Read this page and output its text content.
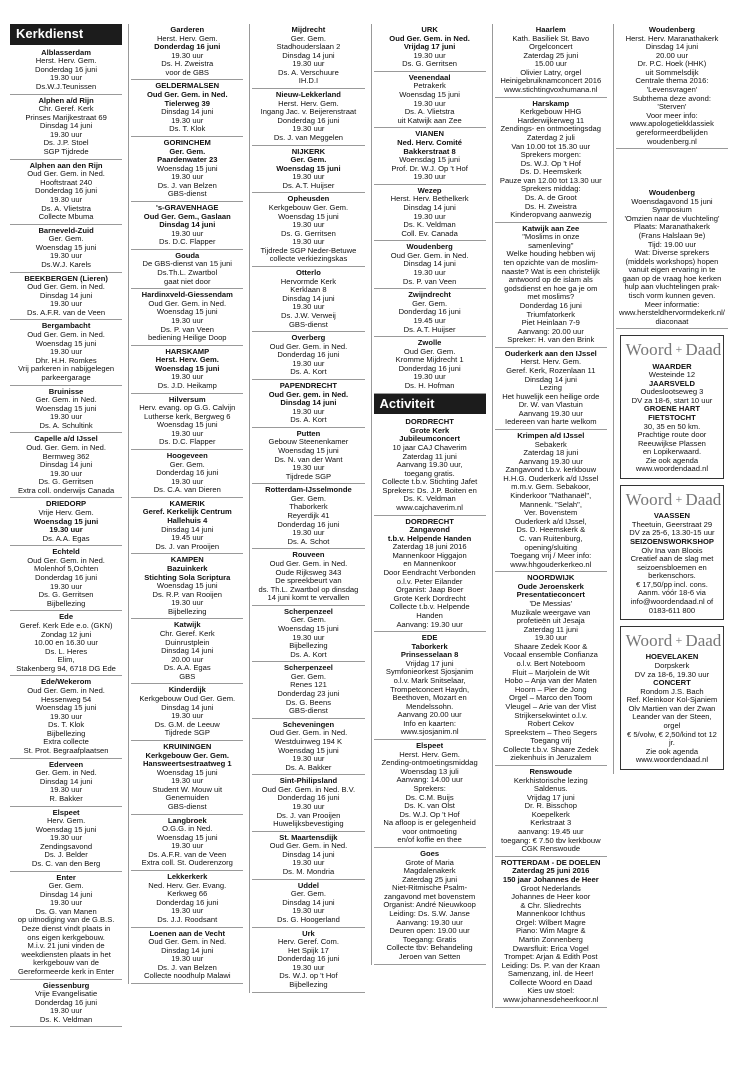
Kerkdienst
Alblasserdam
Herst. Herv. Gem.
Donderdag 16 juni
19.30 uur
Ds.W.J.Teunissen
Alphen a/d Rijn
Chr. Geref. Kerk
Prinses Marijkestraat 69
Dinsdag 14 juni
19.30 uur
Ds. J.P. Stoel
SGP Tijdrede
Alphen aan den Rijn
Oud Ger. Gem. in Ned.
Hooftstraat 240
Donderdag 16 juni
19.30 uur
Ds. A. Vlietstra
Collecte Mbuma
Barneveld-Zuid
Ger. Gem.
Woensdag 15 juni
19.30 uur
Ds.W.J. Karels
BEEKBERGEN (Lieren)
Oud Ger. Gem. in Ned.
Dinsdag 14 juni
19.30 uur
Ds. A.F.R. van de Veen
Bergambacht
Oud Ger. Gem. in Ned.
Woensdag 15 juni
19.30 uur
Dhr. H.H. Romkes
Vrij parkeren in nabijgelegen
parkeergarage
Bruinisse
Ger. Gem. in Ned.
Woensdag 15 juni
19.30 uur
Ds. A. Schultink
Capelle a/d IJssel
Oud. Ger. Gem. in Ned.
Bermweg 362
Dinsdag 14 juni
19.30 uur
Ds. G. Gerritsen
Extra coll. onderwijs Canada
DRIEDORP
Vrije Herv. Gem.
Woensdag 15 juni
19.30 uur
Ds. A.A. Egas
Echteld
Oud Ger. Gem. in Ned.
Molenhof 5,Ochten
Donderdag 16 juni
19.30 uur
Ds. G. Gerritsen
Bijbellezing
Ede
Geref. Kerk Ede e.o. (GKN)
Zondag 12 juni
10.00 en 16.30 uur
Ds. L. Heres
Elim,
Stakenberg 94, 6718 DG Ede
Ede/Wekerom
Oud Ger. Gem. in Ned.
Hessenweg 54
Woensdag 15 juni
19.30 uur
Ds. T. Klok
Bijbellezing
Extra collecte
St. Prot. Begraafplaatsen
Ederveen
Ger. Gem. in Ned.
Dinsdag 14 juni
19.30 uur
R. Bakker
Elspeet
Herv. Gem.
Woensdag 15 juni
19.30 uur
Zendingsavond
Ds. J. Belder
Ds. C. van den Berg
Enter
Ger. Gem.
Dinsdag 14 juni
19.30 uur
Ds. G. van Manen
op uitnodiging van de G.B.S.
Deze dienst vindt plaats in
ons eigen kerkgebouw.
M.i.v. 21 juni vinden de
weekdiensten plaats in het
kerkgebouw van de
Gereformeerde kerk in Enter
Giessenburg
Vrije Evangelisatie
Donderdag 16 juni
19.30 uur
Ds. K. Veldman
Garderen
Herst. Herv. Gem.
Donderdag 16 juni
19.30 uur
Ds. H. Zweistra
voor de GBS
GELDERMALSEN
Oud Ger. Gem. in Ned.
Tielerweg 39
Dinsdag 14 juni
19.30 uur
Ds. T. Klok
GORINCHEM
Ger. Gem.
Paardenwater 23
Woensdag 15 juni
19.30 uur
Ds. J. van Belzen
GBS-dienst
's-GRAVENHAGE
Oud Ger. Gem., Gaslaan
Dinsdag 14 juni
19.30 uur
Ds. D.C. Flapper
Gouda
De GBS-dienst van 15 juni
Ds.Th.L. Zwartbol
gaat niet door
Hardinxveld-Giessendam
Oud Ger. Gem. in Ned.
Woensdag 15 juni
19.30 uur
Ds. P. van Veen
bediening Heilige Doop
HARSKAMP
Herst. Herv. Gem.
Woensdag 15 juni
19.30 uur
Ds. J.D. Heikamp
Hilversum
Herv. evang. op G.G. Calvijn
Lutherse kerk, Bergweg 6
Woensdag 15 juni
19.30 uur
Ds. D.C. Flapper
Hoogeveen
Ger. Gem.
Donderdag 16 juni
19.30 uur
Ds. C.A. van Dieren
KAMERIK
Geref. Kerkelijk Centrum
Hallehuis 4
Dinsdag 14 juni
19.45 uur
Ds. J. van Prooijen
KAMPEN
Bazuinkerk
Stichting Sola Scriptura
Woensdag 15 juni
Ds. R.P. van Rooijen
19.30 uur
Bijbellezing
Katwijk
Chr. Geref. Kerk
Duinrustplein
Dinsdag 14 juni
20.00 uur
Ds. A.A. Egas
GBS
Kinderdijk
Kerkgebouw Oud Ger. Gem.
Dinsdag 14 juni
19.30 uur
Ds. G.M. de Leeuw
Tijdrede SGP
KRUININGEN
Kerkgebouw Ger. Gem.
Hansweertsestraatweg 1
Woensdag 15 juni
19.30 uur
Student W. Mouw uit
Genemuiden
GBS-dienst
Langbroek
O.G.G. in Ned.
Woensdag 15 juni
19.30 uur
Ds. A.F.R. van de Veen
Extra coll. St. Ouderenzorg
Lekkerkerk
Ned. Herv. Ger. Evang.
Kerkweg 66
Donderdag 16 juni
19.30 uur
Ds. J.J. Roodsant
Loenen aan de Vecht
Oud Ger. Gem. in Ned.
Dinsdag 14 juni
19.30 uur
Ds. J. van Belzen
Collecte noodhulp Malawi
Mijdrecht
Ger. Gem.
Stadhouderslaan 2
Dinsdag 14 juni
19.30 uur
Ds. A. Verschuure
IH.D.I
Nieuw-Lekkerland
Herst. Herv. Gem.
Ingang Jac. v. Beijerenstraat
Donderdag 16 juni
19.30 uur
Ds. J. van Meggelen
NIJKERK
Ger. Gem.
Woensdag 15 juni
19.30 uur
Ds. A.T. Huijser
Opheusden
Kerkgebouw Ger. Gem.
Woensdag 15 juni
19.30 uur
Ds. G. Gerritsen
19.30 uur
Tijdrede SGP Neder-Betuwe
collecte verkiezingskas
Otterlo
Hervormde Kerk
Kerklaan 8
Dinsdag 14 juni
19.30 uur
Ds. J.W. Verweij
GBS-dienst
Overberg
Oud Ger. Gem. in Ned.
Donderdag 16 juni
19.30 uur
Ds. A. Kort
PAPENDRECHT
Oud Ger. gem. in Ned.
Dinsdag 14 juni
19.30 uur
Ds. A. Kort
Putten
Gebouw Steenenkamer
Woensdag 15 juni
Ds. N. van der Want
19.30 uur
Tijdrede SGP
Rotterdam-IJsselmonde
Ger. Gem.
Thaborkerk
Reyerdijk 41
Donderdag 16 juni
19.30 uur
Ds. A. Schot
Rouveen
Oud Ger. Gem. in Ned.
Oude Rijksweg 343
De spreekbeurt van
ds. Th.L. Zwartbol op dinsdag
14 juni komt te vervallen
Scherpenzeel
Ger. Gem.
Woensdag 15 juni
19.30 uur
Bijbellezing
Ds. A. Kort
Scherpenzeel
Ger. Gem.
Renes 121
Donderdag 23 juni
Ds. G. Beens
GBS-dienst
Scheveningen
Oud Ger. Gem. in Ned.
Westduinweg 194 K
Woensdag 15 juni
19.30 uur
Ds. A. Bakker
Sint-Philipsland
Oud Ger. Gem. in Ned. B.V.
Donderdag 16 juni
19.30 uur
Ds. J. van Prooijen
Huwelijksbevestiging
St. Maartensdijk
Oud Ger. Gem. in Ned.
Dinsdag 14 juni
19.30 uur
Ds. M. Mondria
Uddel
Ger. Gem.
Dinsdag 14 juni
19.30 uur
Ds. G. Hoogerland
Urk
Herv. Geref. Com.
Het Spijk 17
Donderdag 16 juni
19.30 uur
Ds. W.J. op 't Hof
Bijbellezing
URK
Oud Ger. Gem. in Ned.
Vrijdag 17 juni
19.30 uur
Ds. G. Gerritsen
Veenendaal
Petrakerk
Woensdag 15 juni
19.30 uur
Ds. A. Vlietstra
uit Katwijk aan Zee
VIANEN
Ned. Herv. Comité
Bakkerstraat 8
Woensdag 15 juni
Prof. Dr. W.J. Op 't Hof
19.30 uur
Wezep
Herst. Herv. Bethelkerk
Dinsdag 14 juni
19.30 uur
Ds. K. Veldman
Coll. Ev. Canada
Woudenberg
Oud Ger. Gem. in Ned.
Dinsdag 14 juni
19.30 uur
Ds. P. van Veen
Zwijndrecht
Ger. Gem.
Donderdag 16 juni
19.45 uur
Ds. A.T. Huijser
Zwolle
Oud Ger. Gem.
Kromme Mijdrecht 1
Donderdag 16 juni
19.30 uur
Ds. H. Hofman
Activiteit
DORDRECHT
Grote Kerk
Jubileumconcert
10 jaar CAJ Chaverim
Zaterdag 11 juni
Aanvang 19.30 uur,
toegang gratis.
Collecte t.b.v. Stichting Jafet
Sprekers: Ds. J.P. Boiten en
Ds. K. Veldman
www.cajchaverim.nl
DORDRECHT
Zangavond
t.b.v. Helpende Handen
Zaterdag 18 juni 2016
Mannenkoor Higgajon
en Mannenkoor
Door Eendracht Verbonden
o.l.v. Peter Eilander
Organist: Jaap Boer
Grote Kerk Dordrecht
Collecte t.b.v. Helpende
Handen
Aanvang: 19.30 uur
EDE
Taborkerk
Prinsesselaan 8
Vrijdag 17 juni
Symfonieorkest Sjosjanim
o.l.v. Mark Snitselaar,
Trompetconcert Haydn,
Beethoven, Mozart en
Mendelssohn.
Aanvang 20.00 uur
Info en kaarten:
www.sjosjanim.nl
Elspeet
Herst. Herv. Gem.
Zending-ontmoetingsmiddag
Woensdag 13 juli
Aanvang: 14.00 uur
Sprekers:
Ds. C.M. Buijs
Ds. K. van Olst
Ds. W.J. Op 't Hof
Na afloop is er gelegenheid
voor ontmoeting
en/of koffie en thee
Goes
Grote of Maria
Magdalenakerk
Zaterdag 25 juni
Niet-Ritmische Psalm-
zangavond met bovenstem
Organist: André Nieuwkoop
Leiding: Ds. S.W. Janse
Aanvang: 19.30 uur
Deuren open: 19.00 uur
Toegang: Gratis
Collecte tbv: Behandeling
Jeroen van Setten
Haarlem
Kath. Basiliek St. Bavo
Orgelconcert
Zaterdag 25 juni
15.00 uur
Olivier Latry, orgel
Heinigebruiknamconcert 2016
www.stichtingvoxhumana.nl
Harskamp
Kerkgebouw HHG
Harderwijkerweg 11
Zendings- en ontmoetingsdag
Zaterdag 2 juli
Van 10.00 tot 15.30 uur
Sprekers morgen:
Ds. W.J. Op 't Hof
Ds. D. Heemskerk
Pauze van 12.00 tot 13.30 uur
Sprekers middag:
Ds. A. de Groot
Ds. H. Zweistra
Kinderopvang aanwezig
Katwijk aan Zee
"Moslims in onze
samenleving"
Welke houding hebben wij
ten opzichte van de moslim-
naaste? Wat is een christelijk
antwoord op de islam als
godsdienst en hoe ga je om
met moslims?
Donderdag 16 juni
Triumfatorkerk
Piet Heinlaan 7-9
Aanvang: 20.00 uur
Spreker: H. van den Brink
Ouderkerk aan den IJssel
Herst. Herv. Gem.
Geref. Kerk, Rozenlaan 11
Dinsdag 14 juni
Lezing
Het huwelijk een heilige orde
Dr. W. van Vlastuin
Aanvang 19.30 uur
Iedereen van harte welkom
Krimpen a/d IJssel
Sebakerk
Zaterdag 18 juni
Aanvang 19.30 uur
Zangavond t.b.v. kerkbouw
H.H.G. Ouderkerk a/d IJssel
m.m.v. Gem. Sebakoor,
Kinderkoor "Nathanaël",
Mannenk. "Selah",
Ver. Bovenstem
Ouderkerk a/d IJssel,
Ds. D. Heemskerk &
C. van Ruitenburg,
opening/sluiting
Toegang vrij / Meer info:
www.hhgouderkerkeo.nl
NOORDWIJK
Oude Jeroenskerk
Presentatieconcert
'De Messias'
Muzikale weergave van
profetieën uit Jesaja
Zaterdag 11 juni
19.30 uur
Shaare Zedek Koor &
Vocaal ensemble Confianza
o.l.v. Bert Noteboom
Fluit – Marjolein de Wit
Hobo – Anja van der Maten
Hoorn – Pier de Jong
Orgel – Marco den Toom
Vleugel – Arie van der Vlist
Strijkersekwintet o.l.v.
Robert Cekov
Spreekstem – Theo Segers
Toegang vrij
Collecte t.b.v. Shaare Zedek
ziekenhuis in Jeruzalem
Renswoude
Kerkhistorische lezing
Saldenus.
Vrijdag 17 juni
Dr. R. Bisschop
Koepelkerk
Kerkstraat 3
aanvang: 19.45 uur
toegang: € 7.50 tbv kerkbouw
CGK Renswoude
ROTTERDAM - DE DOELEN
Zaterdag 25 juni 2016
150 jaar Johannes de Heer
Groot Nederlands
Johannes de Heer koor
& Chr. Sliedrechts
Mannenkoor Ichthus
Orgel: Wilbert Magre
Piano: Wim Magre &
Martin Zonnenberg
Dwarsfluit: Erica Vogel
Trompet: Arjan & Edith Post
Leiding: Ds. P. van der Kraan
Samenzang, inl. de Heer!
Collecte Woord en Daad
Kies uw stoel:
www.johannesdeheerkoor.nl
Woudenberg
Herst. Herv. Maranathakerk
Dinsdag 14 juni
20.00 uur
Dr. P.C. Hoek (HHK)
uit Sommelsdijk
Centrale thema 2016:
'Levensvragen'
Subthema deze avond:
'Sterven'
Voor meer info:
www.apologetiekklassiek
gereformeerdbelijden
woudenberg.nl
Woudenberg
Woensdagavond 15 juni
Symposium
'Omzien naar de vluchteling'
Plaats: Maranathakerk
(Frans Halslaan 9e)
Tijd: 19.00 uur
Wat: Diverse sprekers
(middels workshops) hopen
vanuit eigen ervaring in te
gaan op de vraag hoe kerken
hulp aan vluchtelingen prak-
tisch vorm kunnen geven.
Meer informatie:
www.hersteldhervormdekerk.nl/
diaconaat
Woord + Daad
WAARDER
Westeinde 12
JAARSVELD
Oudeslootseweg 3
DV za 18-6, start 10 uur
GROENE HART FIETSTOCHT
30, 35 en 50 km.
Prachtige route door
Reeuwijkse Plassen
en Lopikerwaard.
Zie ook agenda
www.woordendaad.nl
Woord + Daad
VAASSEN
Theetuin, Geerstraat 29
DV za 25-6, 13.30-15 uur
SEIZOENSWORKSHOP
Olv Ina van Bloois
Creatief aan de slag met
seizoensbloemen en
berkenschors.
€ 17,50/pp incl. cons.
Aanm. vóór 18-6 via
info@woordendaad.nl of
0183-611 800
Woord + Daad
HOEVELAKEN
Dorpskerk
DV za 18-6, 19.30 uur
CONCERT
Rondom J.S. Bach
Ref. Kleinkoor Kol-Sjaniem
Olv Martien van der Zwan
Leander van der Steen, orgel
€ 5/volw, € 2,50/kind tot 12 jr.
Zie ook agenda
www.woordendaad.nl
